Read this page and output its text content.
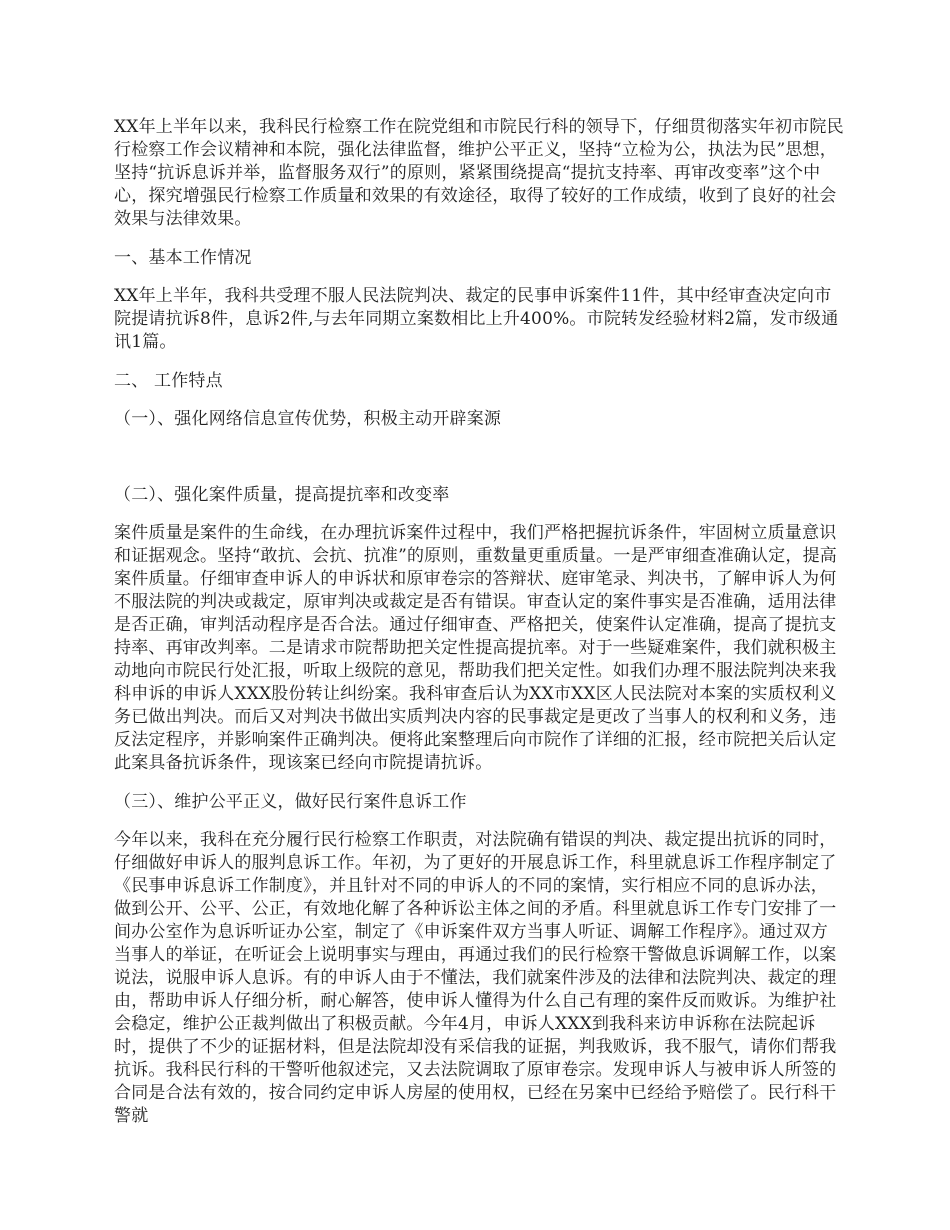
XX年上半年以来，我科民行检察工作在院党组和市院民行科的领导下，仔细贯彻落实年初市院民行检察工作会议精神和本院，强化法律监督，维护公平正义，坚持“立检为公，执法为民”思想，坚持“抗诉息诉并举，监督服务双行”的原则，紧紧围绕提高“提抗支持率、再审改变率”这个中心，探究增强民行检察工作质量和效果的有效途径，取得了较好的工作成绩，收到了良好的社会效果与法律效果。

一、基本工作情况

XX年上半年，我科共受理不服人民法院判决、裁定的民事申诉案件11件，其中经审查决定向市院提请抗诉8件，息诉2件,与去年同期立案数相比上升400%。市院转发经验材料2篇，发市级通讯1篇。

二、 工作特点

（一）、强化网络信息宣传优势，积极主动开辟案源

（二）、强化案件质量，提高提抗率和改变率

案件质量是案件的生命线，在办理抗诉案件过程中，我们严格把握抗诉条件，牢固树立质量意识和证据观念。坚持“敢抗、会抗、抗准”的原则，重数量更重质量。一是严审细查准确认定，提高案件质量。仔细审查申诉人的申诉状和原审卷宗的答辩状、庭审笔录、判决书，了解申诉人为何不服法院的判决或裁定，原审判决或裁定是否有错误。审查认定的案件事实是否准确，适用法律是否正确，审判活动程序是否合法。通过仔细审查、严格把关，使案件认定准确，提高了提抗支持率、再审改判率。二是请求市院帮助把关定性提高提抗率。对于一些疑难案件，我们就积极主动地向市院民行处汇报，听取上级院的意见，帮助我们把关定性。如我们办理不服法院判决来我科申诉的申诉人XXX股份转让纠纷案。我科审查后认为XX市XX区人民法院对本案的实质权利义务已做出判决。而后又对判决书做出实质判决内容的民事裁定是更改了当事人的权利和义务，违反法定程序，并影响案件正确判决。便将此案整理后向市院作了详细的汇报，经市院把关后认定此案具备抗诉条件，现该案已经向市院提请抗诉。

（三）、维护公平正义，做好民行案件息诉工作

今年以来，我科在充分履行民行检察工作职责，对法院确有错误的判决、裁定提出抗诉的同时，仔细做好申诉人的服判息诉工作。年初，为了更好的开展息诉工作，科里就息诉工作程序制定了《民事申诉息诉工作制度》，并且针对不同的申诉人的不同的案情，实行相应不同的息诉办法，做到公开、公平、公正，有效地化解了各种诉讼主体之间的矛盾。科里就息诉工作专门安排了一间办公室作为息诉听证办公室，制定了《申诉案件双方当事人听证、调解工作程序》。通过双方当事人的举证，在听证会上说明事实与理由，再通过我们的民行检察干警做息诉调解工作，以案说法，说服申诉人息诉。有的申诉人由于不懂法，我们就案件涉及的法律和法院判决、裁定的理由，帮助申诉人仔细分析，耐心解答，使申诉人懂得为什么自己有理的案件反而败诉。为维护社会稳定，维护公正裁判做出了积极贡献。今年4月，申诉人XXX到我科来访申诉称在法院起诉时，提供了不少的证据材料，但是法院却没有采信我的证据，判我败诉，我不服气，请你们帮我抗诉。我科民行科的干警听他叙述完，又去法院调取了原审卷宗。发现申诉人与被申诉人所签的合同是合法有效的，按合同约定申诉人房屋的使用权，已经在另案中已经给予赔偿了。民行科干警就
